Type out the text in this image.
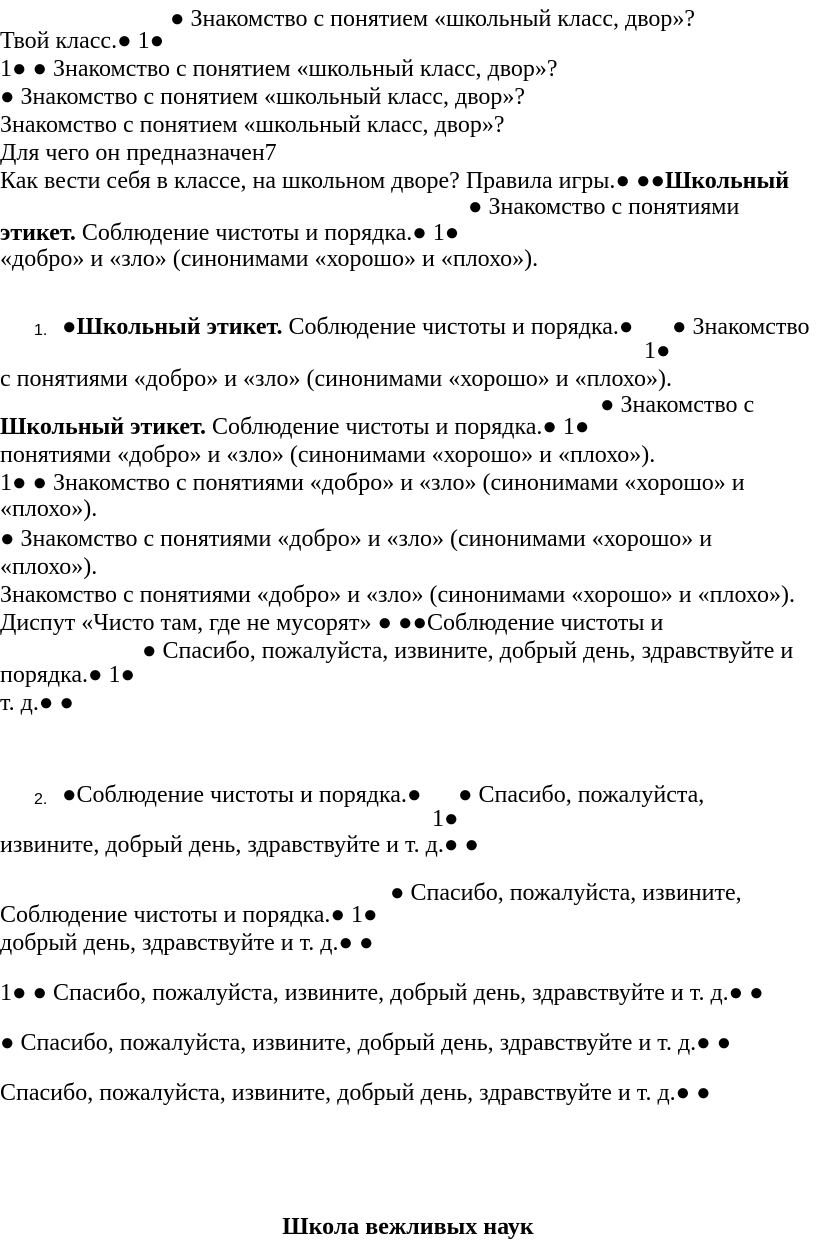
● Знакомство с понятием «школьный класс, двор»?
Твой класс.● 1●
1● ● Знакомство с понятием «школьный класс, двор»?
● Знакомство с понятием «школьный класс, двор»?
Знакомство с понятием «школьный класс, двор»?
Для чего он предназначен7
Как вести себя в классе, на школьном дворе? Правила игры.● ●●Школьный
● Знакомство с понятиями
этикет. Соблюдение чистоты и порядка.● 1●
«добро» и «зло» (синонимами «хорошо» и «плохо»).
1. ●Школьный этикет. Соблюдение чистоты и порядка.● ● Знакомство
1●
с понятиями «добро» и «зло» (синонимами «хорошо» и «плохо»).
● Знакомство с
Школьный этикет. Соблюдение чистоты и порядка.● 1●
понятиями «добро» и «зло» (синонимами «хорошо» и «плохо»).
1● ● Знакомство с понятиями «добро» и «зло» (синонимами «хорошо» и
«плохо»).
● Знакомство с понятиями «добро» и «зло» (синонимами «хорошо» и
«плохо»).
Знакомство с понятиями «добро» и «зло» (синонимами «хорошо» и «плохо»).
Диспут «Чисто там, где не мусорят» ● ●●Соблюдение чистоты и
● Спасибо, пожалуйста, извините, добрый день, здравствуйте и
порядка.● 1●
т. д.● ●
2. ●Соблюдение чистоты и порядка.● ● Спасибо, пожалуйста,
1●
извините, добрый день, здравствуйте и т. д.● ●
● Спасибо, пожалуйста, извините,
Соблюдение чистоты и порядка.● 1●
добрый день, здравствуйте и т. д.● ●
1● ● Спасибо, пожалуйста, извините, добрый день, здравствуйте и т. д.● ●
● Спасибо, пожалуйста, извините, добрый день, здравствуйте и т. д.● ●
Спасибо, пожалуйста, извините, добрый день, здравствуйте и т. д.● ●
Школа вежливых наук
